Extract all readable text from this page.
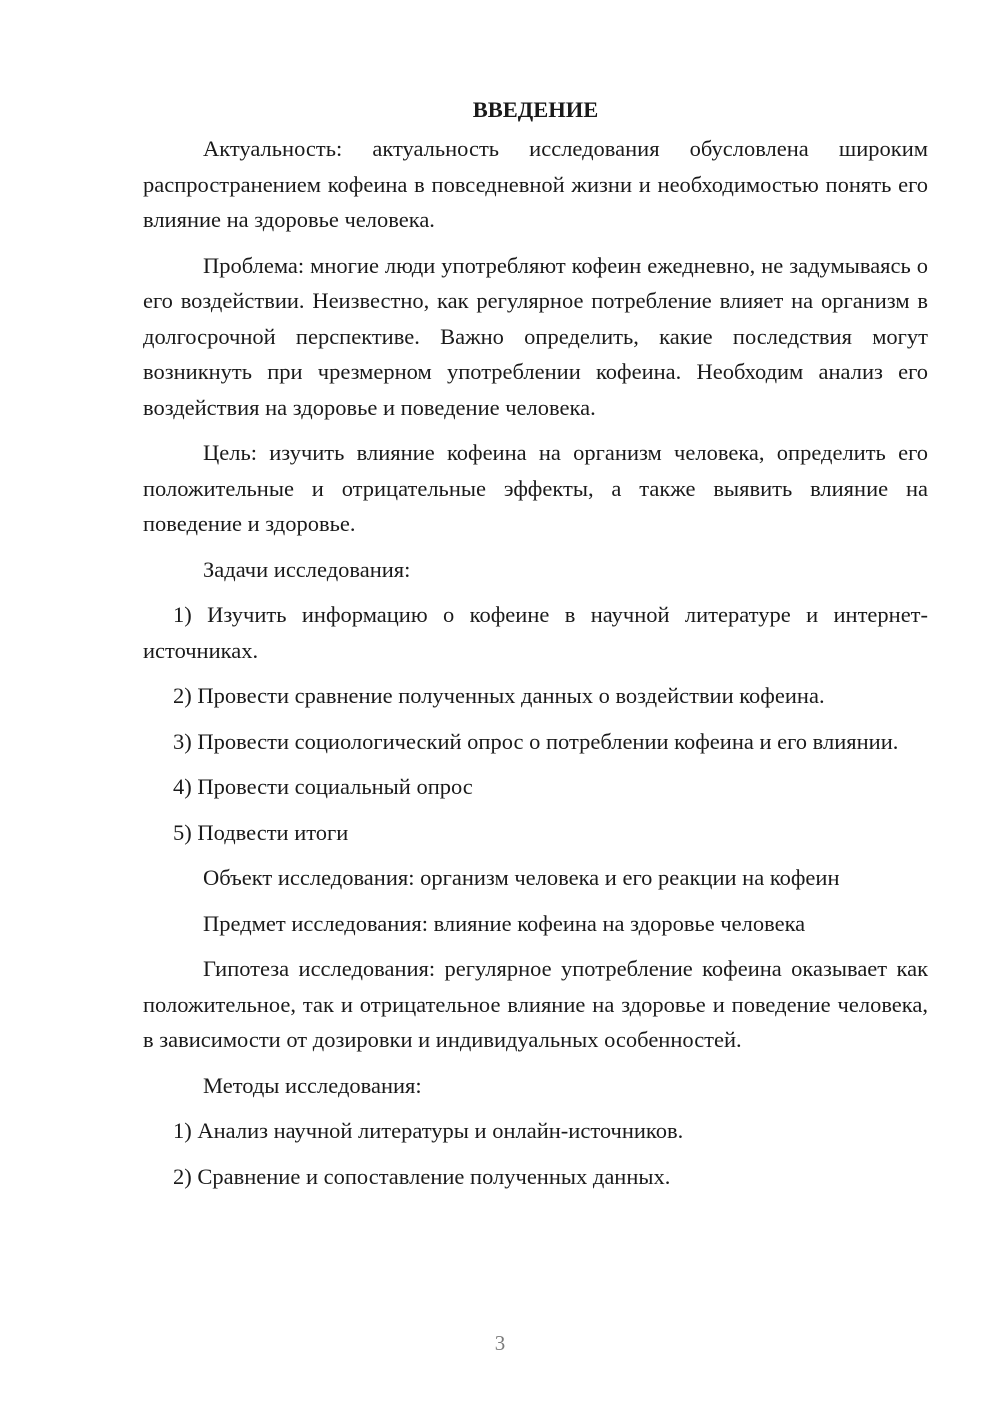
ВВЕДЕНИЕ

Актуальность: актуальность исследования обусловлена широким распространением кофеина в повседневной жизни и необходимостью понять его влияние на здоровье человека.

Проблема: многие люди употребляют кофеин ежедневно, не задумываясь о его воздействии. Неизвестно, как регулярное потребление влияет на организм в долгосрочной перспективе. Важно определить, какие последствия могут возникнуть при чрезмерном употреблении кофеина. Необходим анализ его воздействия на здоровье и поведение человека.

Цель: изучить влияние кофеина на организм человека, определить его положительные и отрицательные эффекты, а также выявить влияние на поведение и здоровье.

Задачи исследования:

1) Изучить информацию о кофеине в научной литературе и интернет-источниках.

2) Провести сравнение полученных данных о воздействии кофеина.

3) Провести социологический опрос о потреблении кофеина и его влиянии.

4) Провести социальный опрос

5) Подвести итоги

Объект исследования: организм человека и его реакции на кофеин

Предмет исследования: влияние кофеина на здоровье человека

Гипотеза исследования: регулярное употребление кофеина оказывает как положительное, так и отрицательное влияние на здоровье и поведение человека, в зависимости от дозировки и индивидуальных особенностей.

Методы исследования:

1) Анализ научной литературы и онлайн-источников.

2) Сравнение и сопоставление полученных данных.

3
